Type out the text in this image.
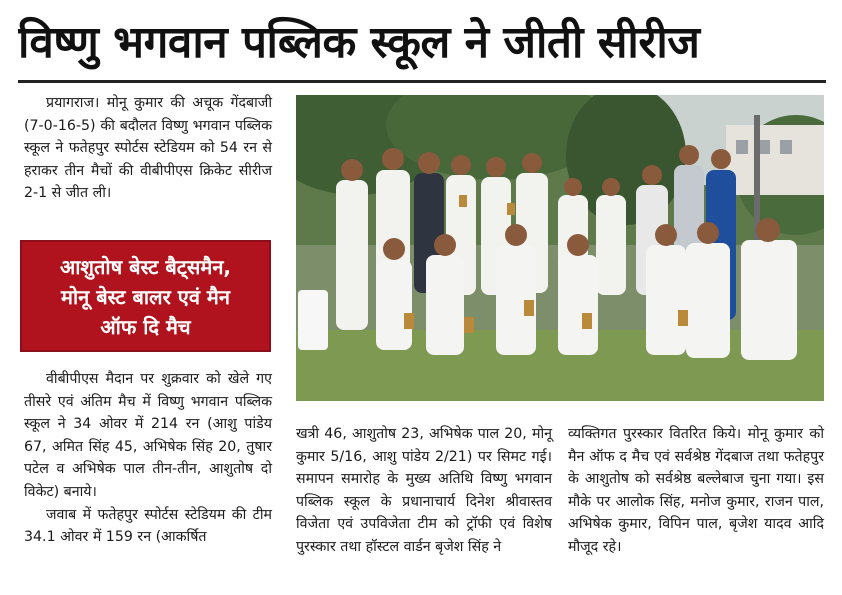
विष्णु भगवान पब्लिक स्कूल ने जीती सीरीज

प्रयागराज। मोनू कुमार की अचूक गेंदबाजी (7-0-16-5) की बदौलत विष्णु भगवान पब्लिक स्कूल ने फतेहपुर स्पोर्टस स्टेडियम को 54 रन से हराकर तीन मैचों की वीबीपीएस क्रिकेट सीरीज 2-1 से जीत ली।

आशुतोष बेस्ट बैट्समैन,
मोनू बेस्ट बालर एवं मैन
ऑफ दि मैच

वीबीपीएस मैदान पर शुक्रवार को खेले गए तीसरे एवं अंतिम मैच में विष्णु भगवान पब्लिक स्कूल ने 34 ओवर में 214 रन (आशु पांडेय 67, अमित सिंह 45, अभिषेक सिंह 20, तुषार पटेल व अभिषेक पाल तीन-तीन, आशुतोष दो विकेट) बनाये।

जवाब में फतेहपुर स्पोर्टस स्टेडियम की टीम 34.1 ओवर में 159 रन (आकर्षित

खत्री 46, आशुतोष 23, अभिषेक पाल 20, मोनू कुमार 5/16, आशु पांडेय 2/21) पर सिमट गई। समापन समारोह के मुख्य अतिथि विष्णु भगवान पब्लिक स्कूल के प्रधानाचार्य दिनेश श्रीवास्तव विजेता एवं उपविजेता टीम को ट्रॉफी एवं विशेष पुरस्कार तथा हॉस्टल वार्डन बृजेश सिंह ने

व्यक्तिगत पुरस्कार वितरित किये। मोनू कुमार को मैन ऑफ द मैच एवं सर्वश्रेष्ठ गेंदबाज तथा फतेहपुर के आशुतोष को सर्वश्रेष्ठ बल्लेबाज चुना गया। इस मौके पर आलोक सिंह, मनोज कुमार, राजन पाल, अभिषेक कुमार, विपिन पाल, बृजेश यादव आदि मौजूद रहे।
